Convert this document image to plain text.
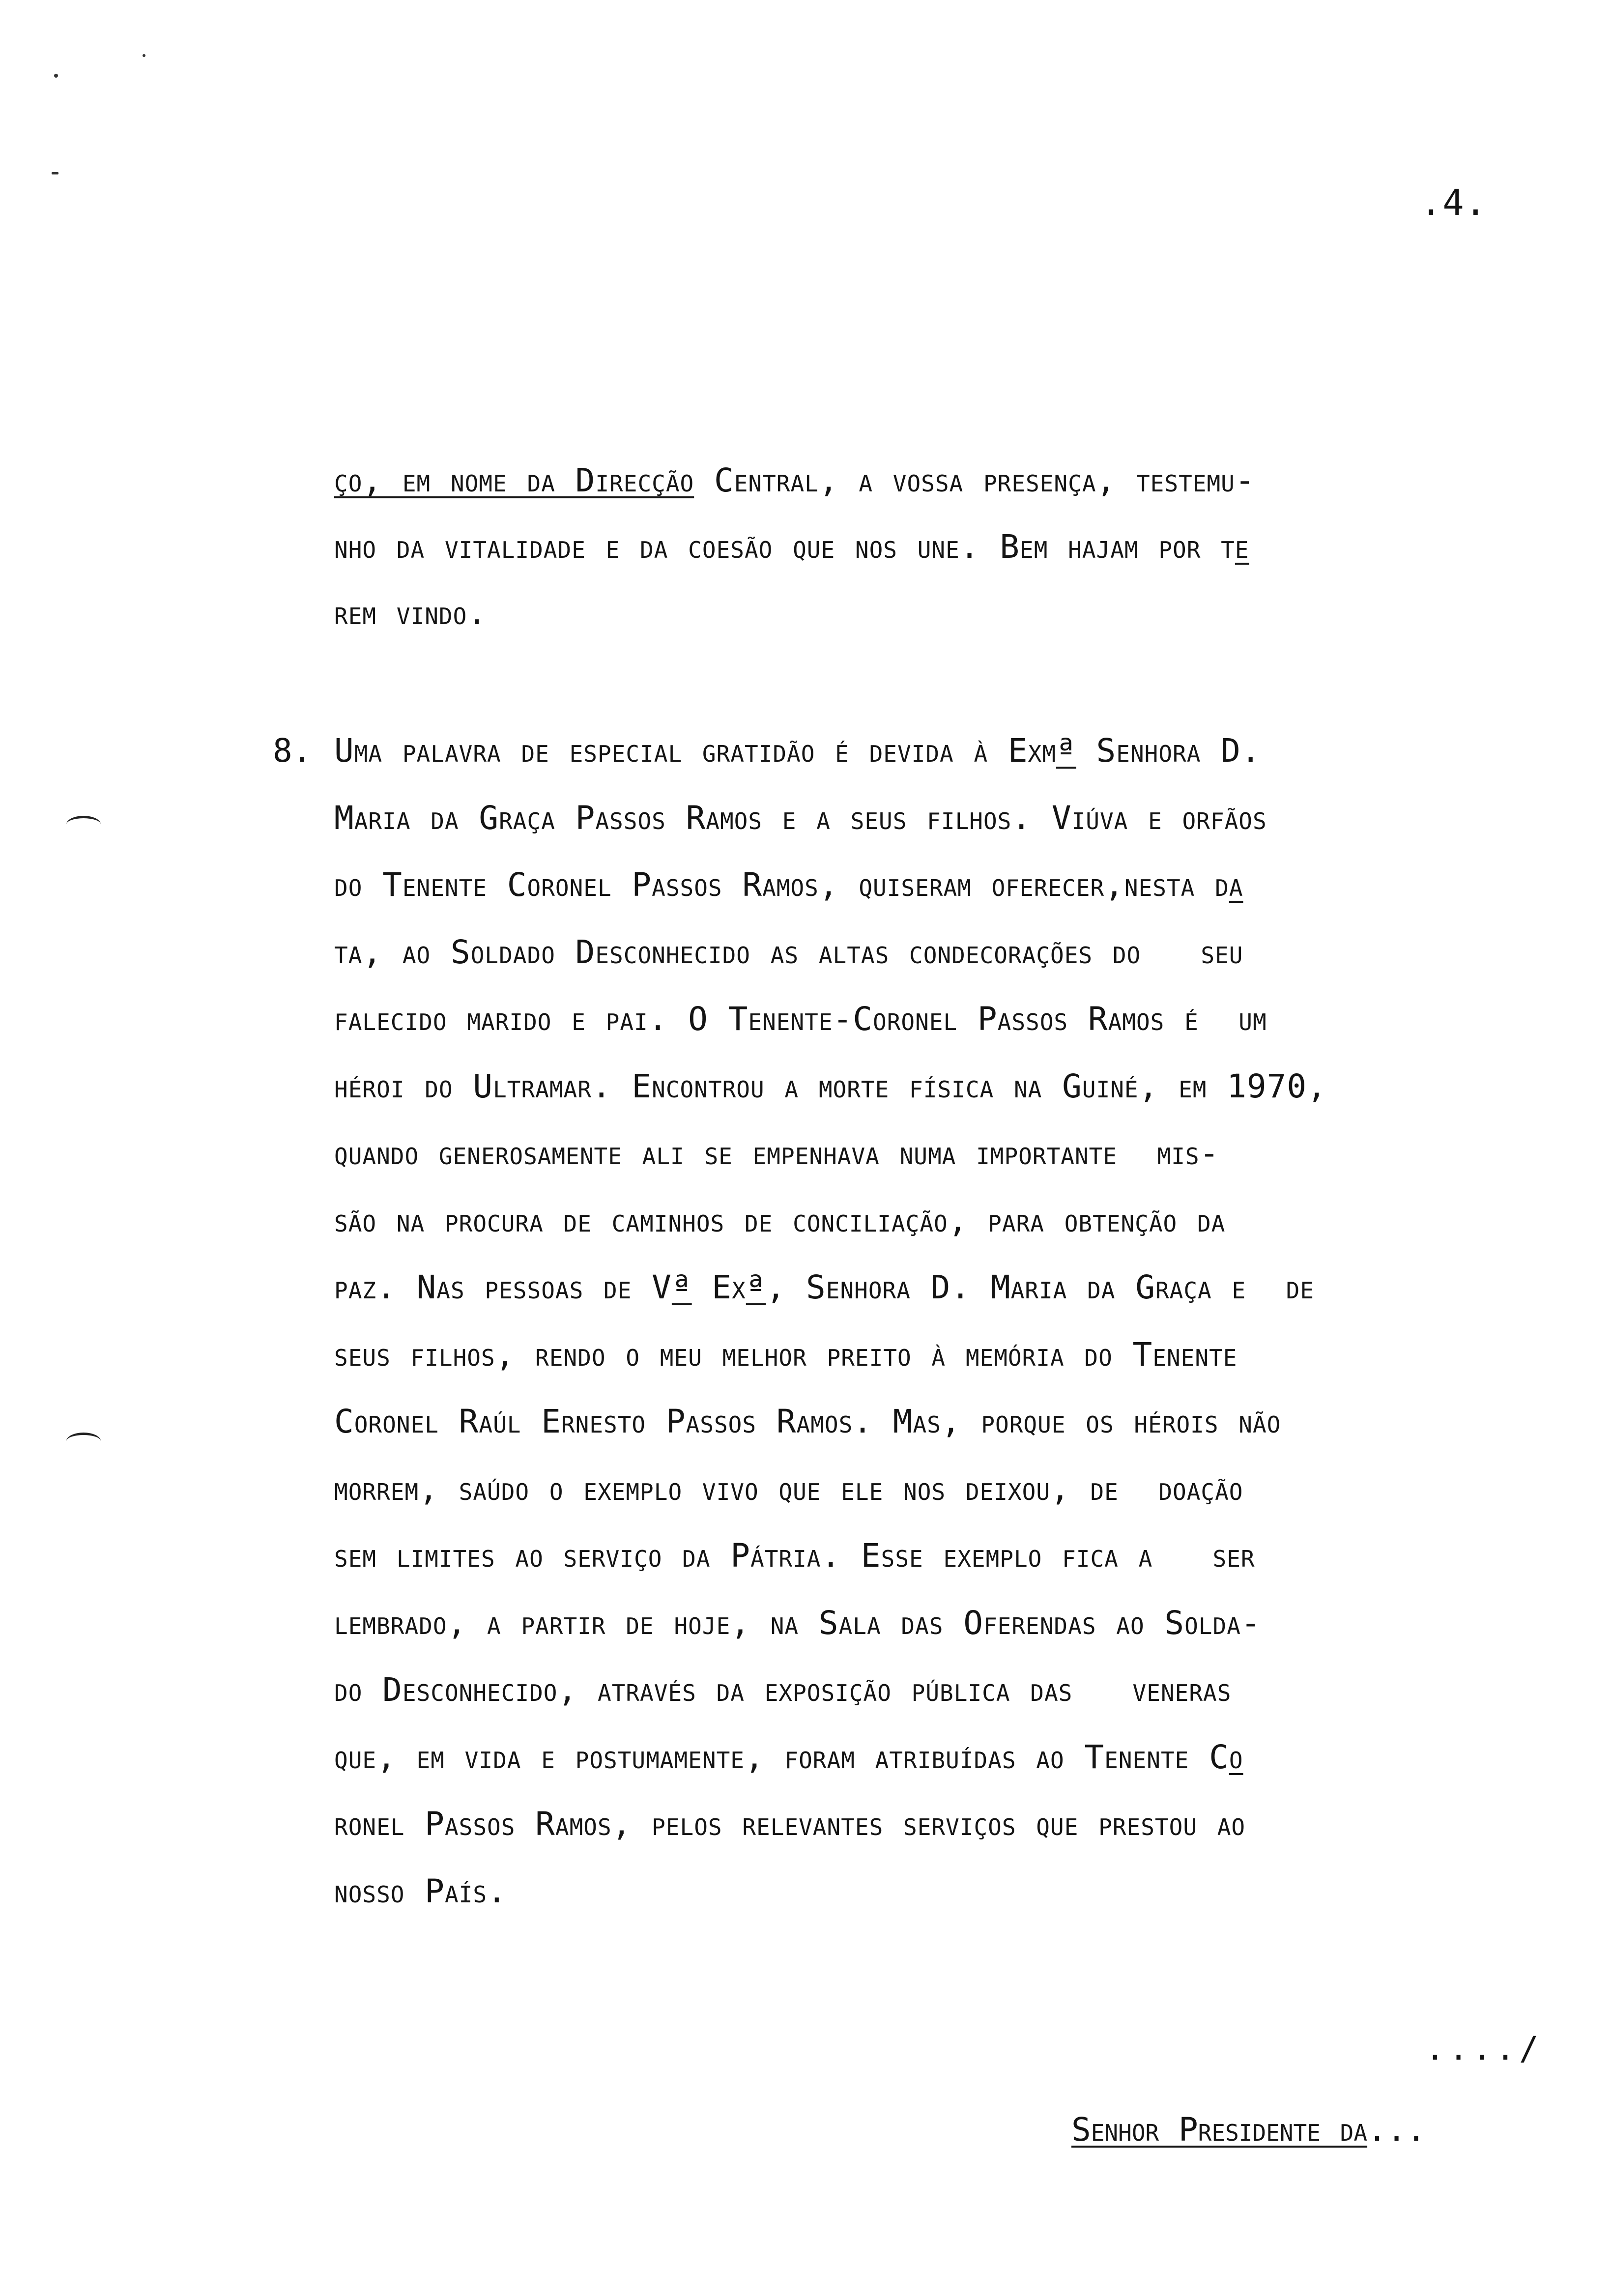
.4.
ço, em nome da Direcção Central, a vossa presença, testemu-
nho da vitalidade e da coesão que nos une. Bem hajam por te
rem vindo.
8. Uma palavra de especial gratidão é devida à Exmª Senhora D.
Maria da Graça Passos Ramos e a seus filhos. Viúva e orfãos
do Tenente Coronel Passos Ramos, quiseram oferecer,nesta da
ta, ao Soldado Desconhecido as altas condecorações do   seu
falecido marido e pai. O Tenente-Coronel Passos Ramos é  um
héroi do Ultramar. Encontrou a morte física na Guiné, em 1970,
quando generosamente ali se empenhava numa importante  mis-
são na procura de caminhos de conciliação, para obtenção da
paz. Nas pessoas de Vª Exª, Senhora D. Maria da Graça e  de
seus filhos, rendo o meu melhor preito à memória do Tenente
Coronel Raúl Ernesto Passos Ramos. Mas, porque os hérois não
morrem, saúdo o exemplo vivo que ele nos deixou, de  doação
sem limites ao serviço da Pátria. Esse exemplo fica a   ser
lembrado, a partir de hoje, na Sala das Oferendas ao Solda-
do Desconhecido, através da exposição pública das   veneras
que, em vida e postumamente, foram atribuídas ao Tenente Co
ronel Passos Ramos, pelos relevantes serviços que prestou ao
nosso País.
..../
Senhor Presidente da...
